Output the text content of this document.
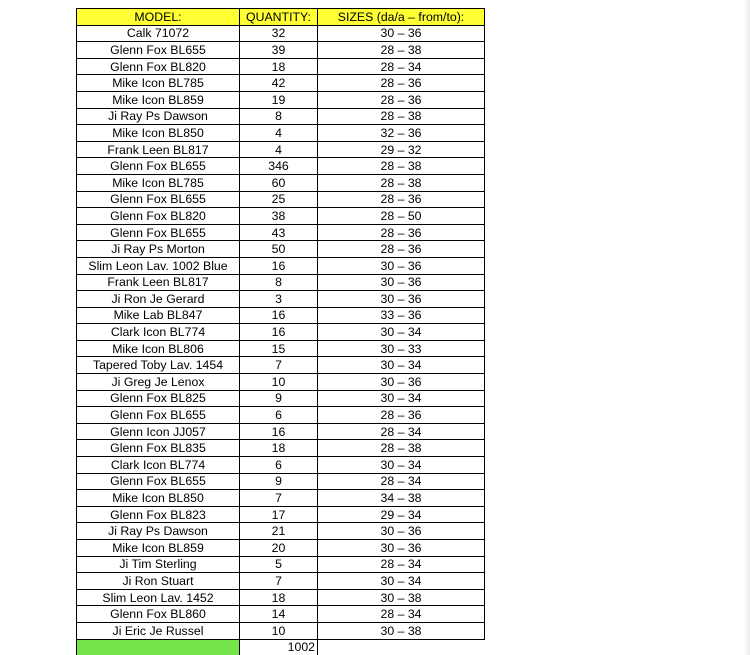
MODEL:	QUANTITY:	SIZES (da/a – from/to):
Calk 71072	32	30 – 36
Glenn Fox BL655	39	28 – 38
Glenn Fox BL820	18	28 – 34
Mike Icon BL785	42	28 – 36
Mike Icon BL859	19	28 – 36
Ji Ray Ps Dawson	8	28 – 38
Mike Icon BL850	4	32 – 36
Frank Leen BL817	4	29 – 32
Glenn Fox BL655	346	28 – 38
Mike Icon BL785	60	28 – 38
Glenn Fox BL655	25	28 – 36
Glenn Fox BL820	38	28 – 50
Glenn Fox BL655	43	28 – 36
Ji Ray Ps Morton	50	28 – 36
Slim Leon Lav. 1002 Blue	16	30 – 36
Frank Leen BL817	8	30 – 36
Ji Ron Je Gerard	3	30 – 36
Mike Lab BL847	16	33 – 36
Clark Icon BL774	16	30 – 34
Mike Icon BL806	15	30 – 33
Tapered Toby Lav. 1454	7	30 – 34
Ji Greg Je Lenox	10	30 – 36
Glenn Fox BL825	9	30 – 34
Glenn Fox BL655	6	28 – 36
Glenn Icon JJ057	16	28 – 34
Glenn Fox BL835	18	28 – 38
Clark Icon BL774	6	30 – 34
Glenn Fox BL655	9	28 – 34
Mike Icon BL850	7	34 – 38
Glenn Fox BL823	17	29 – 34
Ji Ray Ps Dawson	21	30 – 36
Mike Icon BL859	20	30 – 36
Ji Tim Sterling	5	28 – 34
Ji Ron Stuart	7	30 – 34
Slim Leon Lav. 1452	18	30 – 38
Glenn Fox BL860	14	28 – 34
Ji Eric Je Russel	10	30 – 38
	1002	
